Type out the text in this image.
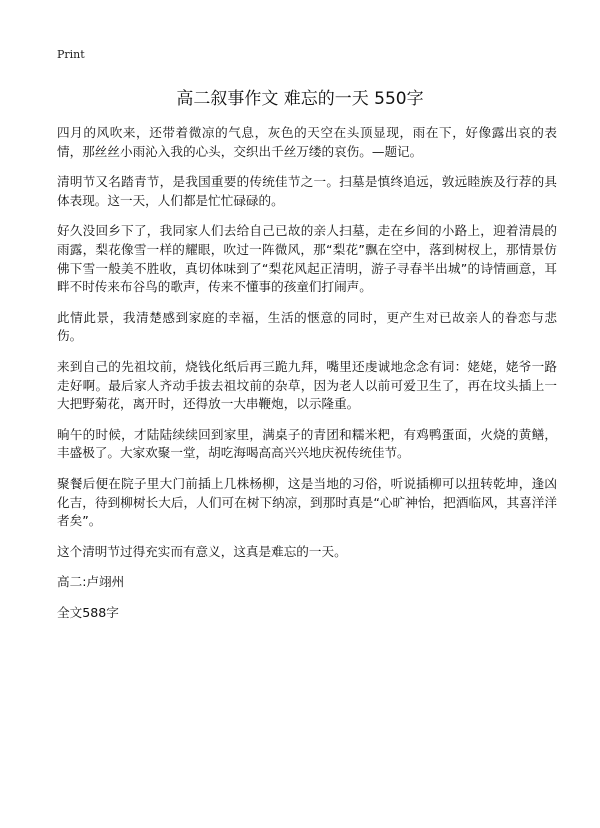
Print
高二叙事作文 难忘的一天 550字

四月的风吹来，还带着微凉的气息，灰色的天空在头顶显现，雨在下，好像露出哀的表情，那丝丝小雨沁入我的心头，交织出千丝万缕的哀伤。—题记。

清明节又名踏青节，是我国重要的传统佳节之一。扫墓是慎终追远，敦远睦族及行荐的具体表现。这一天，人们都是忙忙碌碌的。

好久没回乡下了，我同家人们去给自己已故的亲人扫墓，走在乡间的小路上，迎着清晨的雨露，梨花像雪一样的耀眼，吹过一阵微风，那“梨花”飘在空中，落到树杈上，那情景仿佛下雪一般美不胜收，真切体味到了“梨花风起正清明，游子寻春半出城”的诗情画意，耳畔不时传来布谷鸟的歌声，传来不懂事的孩童们打闹声。

此情此景，我清楚感到家庭的幸福，生活的惬意的同时，更产生对已故亲人的眷恋与悲伤。

来到自己的先祖坟前，烧钱化纸后再三跪九拜，嘴里还虔诚地念念有词：姥姥，姥爷一路走好啊。最后家人齐动手拔去祖坟前的杂草，因为老人以前可爱卫生了，再在坟头插上一大把野菊花，离开时，还得放一大串鞭炮，以示隆重。

晌午的时候，才陆陆续续回到家里，满桌子的青团和糯米粑，有鸡鸭蛋面，火烧的黄鳝，丰盛极了。大家欢聚一堂，胡吃海喝高高兴兴地庆祝传统佳节。

聚餐后便在院子里大门前插上几株杨柳，这是当地的习俗，听说插柳可以扭转乾坤，逢凶化吉，待到柳树长大后，人们可在树下纳凉，到那时真是“心旷神怡，把酒临风，其喜洋洋者矣”。

这个清明节过得充实而有意义，这真是难忘的一天。

高二:卢翊州

全文588字
